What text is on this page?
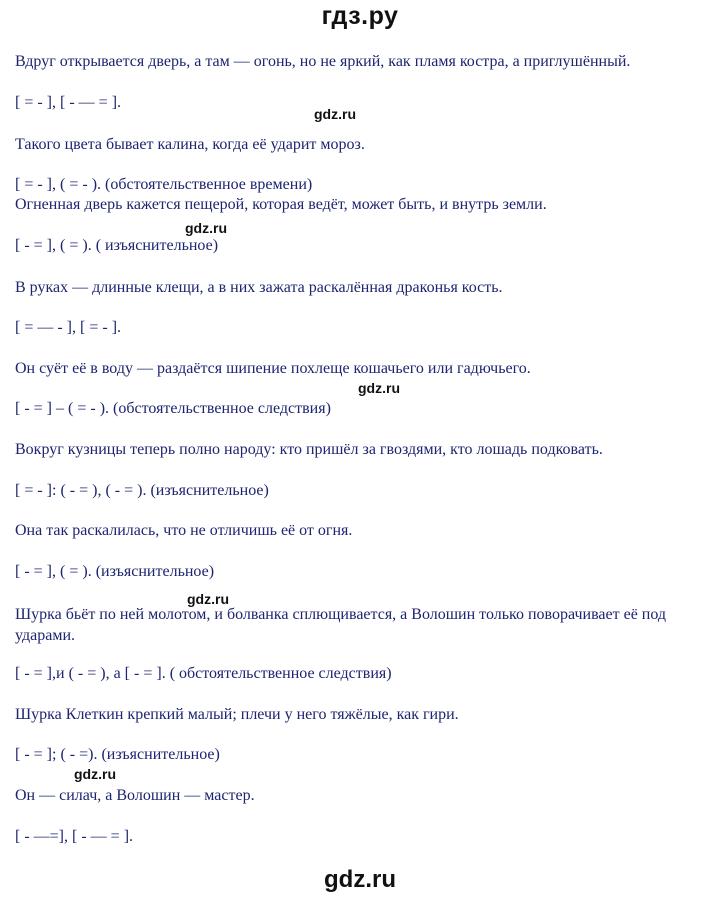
гдз.ру
Вдруг открывается дверь, а там — огонь, но не яркий, как пламя костра, а приглушённый.
[ = - ], [ - — = ].
gdz.ru
Такого цвета бывает калина, когда её ударит мороз.
[ = - ], ( = - ). (обстоятельственное времени)
Огненная дверь кажется пещерой, которая ведёт, может быть, и внутрь земли.
gdz.ru
[ - = ], ( = ). ( изъяснительное)
В руках — длинные клещи, а в них зажата раскалённая драконья кость.
[ = — - ], [ = - ].
Он суёт её в воду — раздаётся шипение похлеще кошачьего или гадючьего.
gdz.ru
[ - = ] – ( = - ). (обстоятельственное следствия)
Вокруг кузницы теперь полно народу: кто пришёл за гвоздями, кто лошадь подковать.
[ = - ]: ( - = ), ( - = ). (изъяснительное)
Она так раскалилась, что не отличишь её от огня.
[ - = ], ( = ). (изъяснительное)
gdz.ru
Шурка бьёт по ней молотом, и болванка сплющивается, а Волошин только поворачивает её под ударами.
[ - = ],и ( - = ), а [ - = ]. ( обстоятельственное следствия)
Шурка Клеткин крепкий малый; плечи у него тяжёлые, как гири.
[ - = ]; ( - =). (изъяснительное)
gdz.ru
Он — силач, а Волошин — мастер.
[ - —=], [ - — = ].
gdz.ru
